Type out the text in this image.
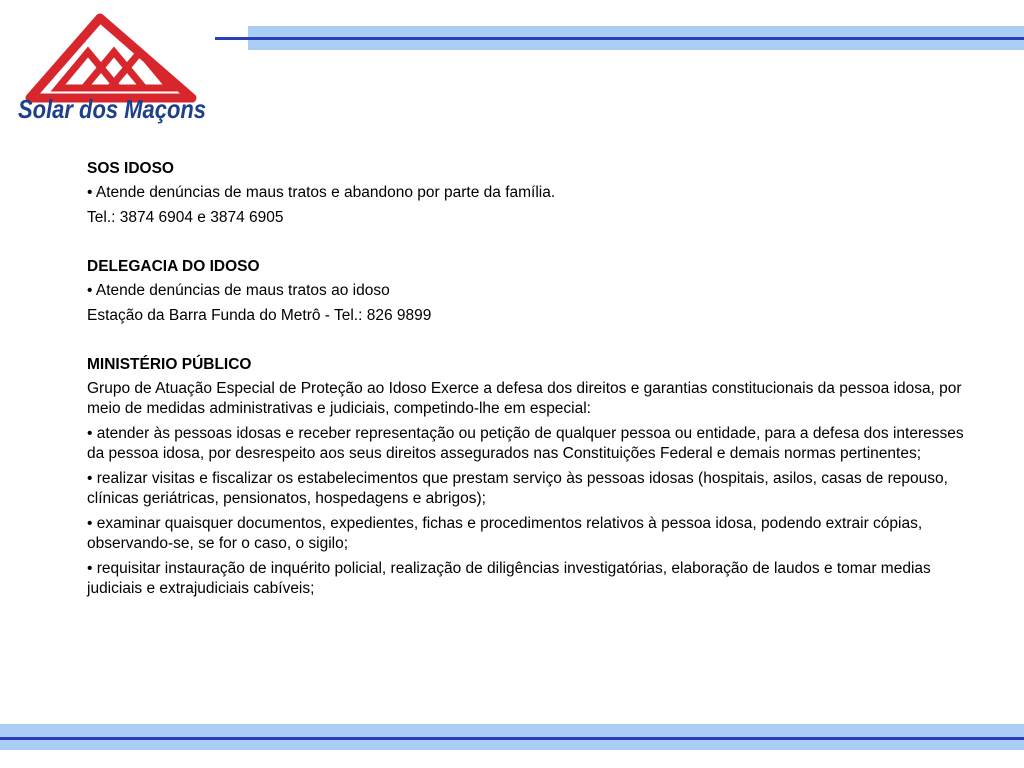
Solar dos Maçons
SOS IDOSO

• Atende denúncias de maus tratos e abandono por parte da família.

Tel.: 3874 6904 e 3874 6905

DELEGACIA DO IDOSO

• Atende denúncias de maus tratos ao idoso

Estação da Barra Funda do Metrô - Tel.: 826 9899

MINISTÉRIO PÚBLICO

Grupo de Atuação Especial de Proteção ao Idoso Exerce a defesa dos direitos e garantias constitucionais da pessoa idosa, por meio de medidas administrativas e judiciais, competindo-lhe em especial:

• atender às pessoas idosas e receber representação ou petição de qualquer pessoa ou entidade, para a defesa dos interesses da pessoa idosa, por desrespeito aos seus direitos assegurados nas Constituições Federal e demais normas pertinentes;

• realizar visitas e fiscalizar os estabelecimentos que prestam serviço às pessoas idosas (hospitais, asilos, casas de repouso, clínicas geriátricas, pensionatos, hospedagens e abrigos);

• examinar quaisquer documentos, expedientes, fichas e procedimentos relativos à pessoa idosa, podendo extrair cópias, observando-se, se for o caso, o sigilo;

• requisitar instauração de inquérito policial, realização de diligências investigatórias, elaboração de laudos e tomar medias judiciais e extrajudiciais cabíveis;
